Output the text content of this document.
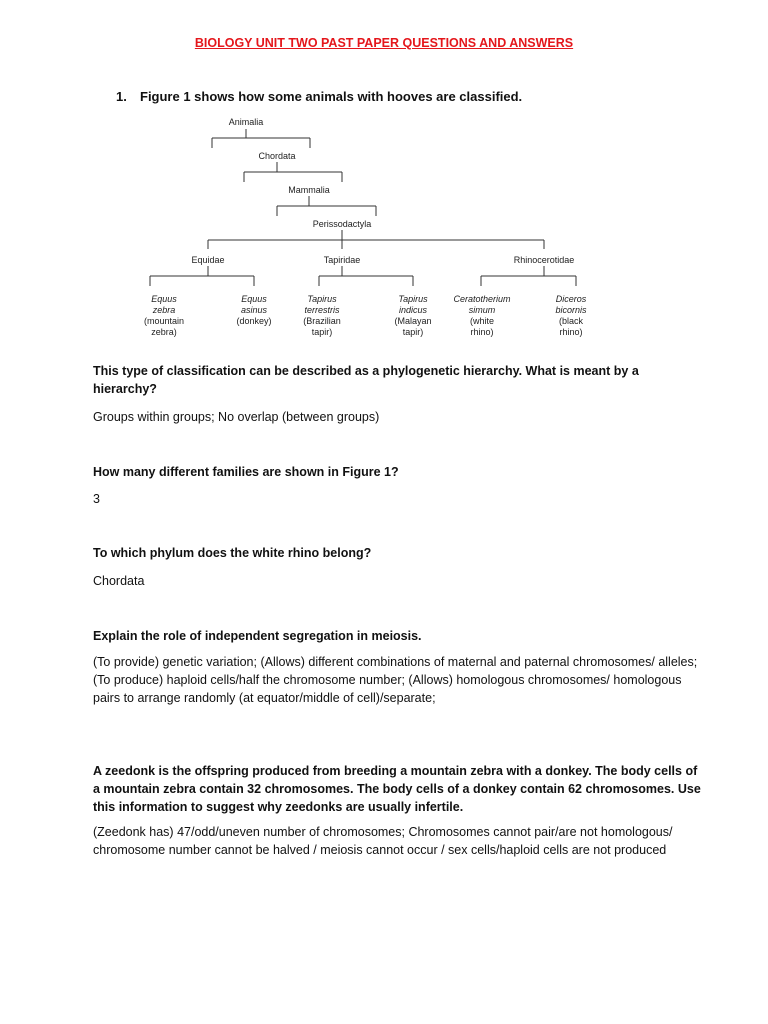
BIOLOGY UNIT TWO PAST PAPER QUESTIONS AND ANSWERS
1. Figure 1 shows how some animals with hooves are classified.
Animalia
Chordata
Mammalia
Perissodactyla
Equidae	Tapiridae	Rhinocerotidae
Equus
zebra
(mountain
zebra)
Equus
asinus
(donkey)
Tapirus
terrestris
(Brazilian
tapir)
Tapirus
indicus
(Malayan
tapir)
Ceratotherium
simum
(white
rhino)
Diceros
bicornis
(black
rhino)
This type of classification can be described as a phylogenetic hierarchy. What is meant by a hierarchy?
Groups within groups; No overlap (between groups)
How many different families are shown in Figure 1?
3
To which phylum does the white rhino belong?
Chordata
Explain the role of independent segregation in meiosis.
(To provide) genetic variation; (Allows) different combinations of maternal and paternal chromosomes/ alleles; (To produce) haploid cells/half the chromosome number; (Allows) homologous chromosomes/ homologous pairs to arrange randomly (at equator/middle of cell)/separate;
A zeedonk is the offspring produced from breeding a mountain zebra with a donkey. The body cells of a mountain zebra contain 32 chromosomes. The body cells of a donkey contain 62 chromosomes. Use this information to suggest why zeedonks are usually infertile.
(Zeedonk has) 47/odd/uneven number of chromosomes; Chromosomes cannot pair/are not homologous/ chromosome number cannot be halved / meiosis cannot occur / sex cells/haploid cells are not produced
